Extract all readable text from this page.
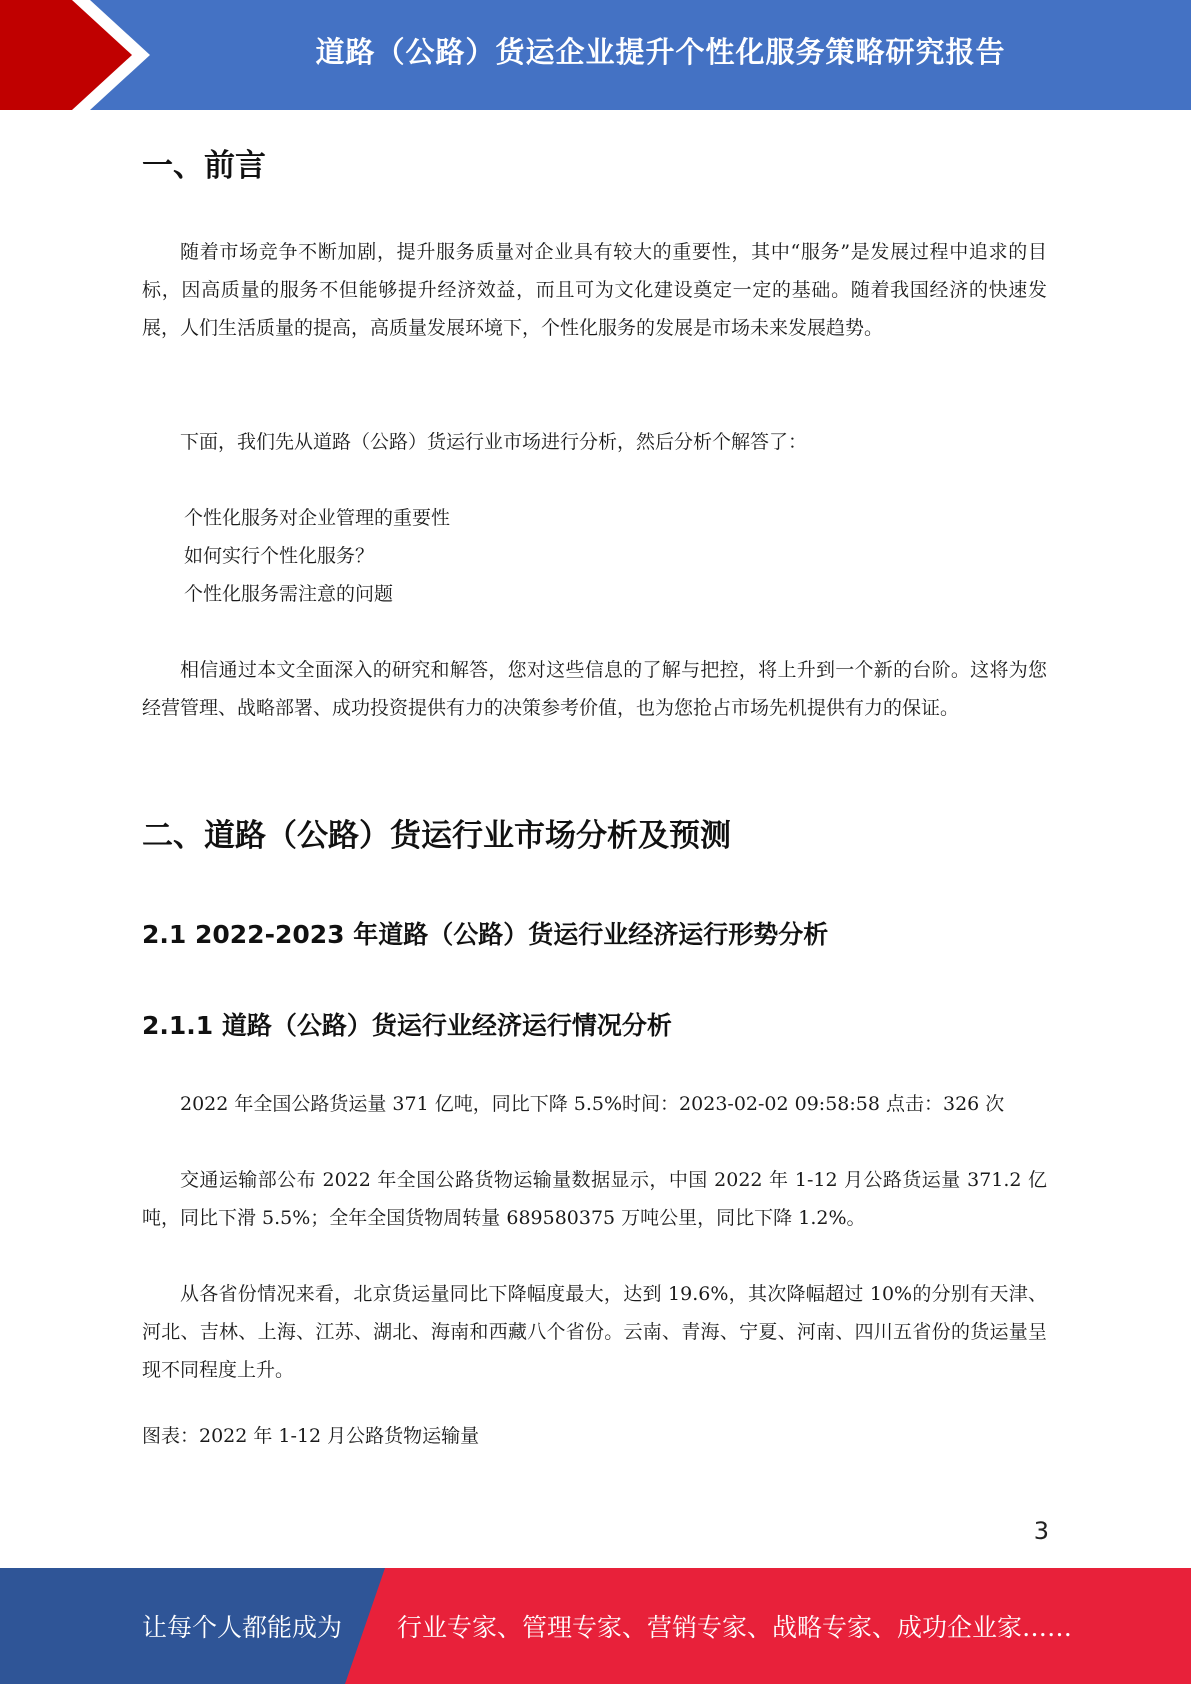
道路（公路）货运企业提升个性化服务策略研究报告
一、前言

随着市场竞争不断加剧，提升服务质量对企业具有较大的重要性，其中“服务”是发展过程中追求的目标，因高质量的服务不但能够提升经济效益，而且可为文化建设奠定一定的基础。随着我国经济的快速发展，人们生活质量的提高，高质量发展环境下，个性化服务的发展是市场未来发展趋势。

下面，我们先从道路（公路）货运行业市场进行分析，然后分析个解答了：

个性化服务对企业管理的重要性

如何实行个性化服务？

个性化服务需注意的问题

相信通过本文全面深入的研究和解答，您对这些信息的了解与把控，将上升到一个新的台阶。这将为您经营管理、战略部署、成功投资提供有力的决策参考价值，也为您抢占市场先机提供有力的保证。

二、道路（公路）货运行业市场分析及预测
2.1 2022-2023 年道路（公路）货运行业经济运行形势分析
2.1.1 道路（公路）货运行业经济运行情况分析

2022 年全国公路货运量 371 亿吨，同比下降 5.5%时间：2023-02-02 09:58:58 点击：326 次

交通运输部公布 2022 年全国公路货物运输量数据显示，中国 2022 年 1-12 月公路货运量 371.2 亿吨，同比下滑 5.5%；全年全国货物周转量 689580375 万吨公里，同比下降 1.2%。

从各省份情况来看，北京货运量同比下降幅度最大，达到 19.6%，其次降幅超过 10%的分别有天津、河北、吉林、上海、江苏、湖北、海南和西藏八个省份。云南、青海、宁夏、河南、四川五省份的货运量呈现不同程度上升。

图表：2022 年 1-12 月公路货物运输量

3
让每个人都能成为 行业专家、管理专家、营销专家、战略专家、成功企业家……
